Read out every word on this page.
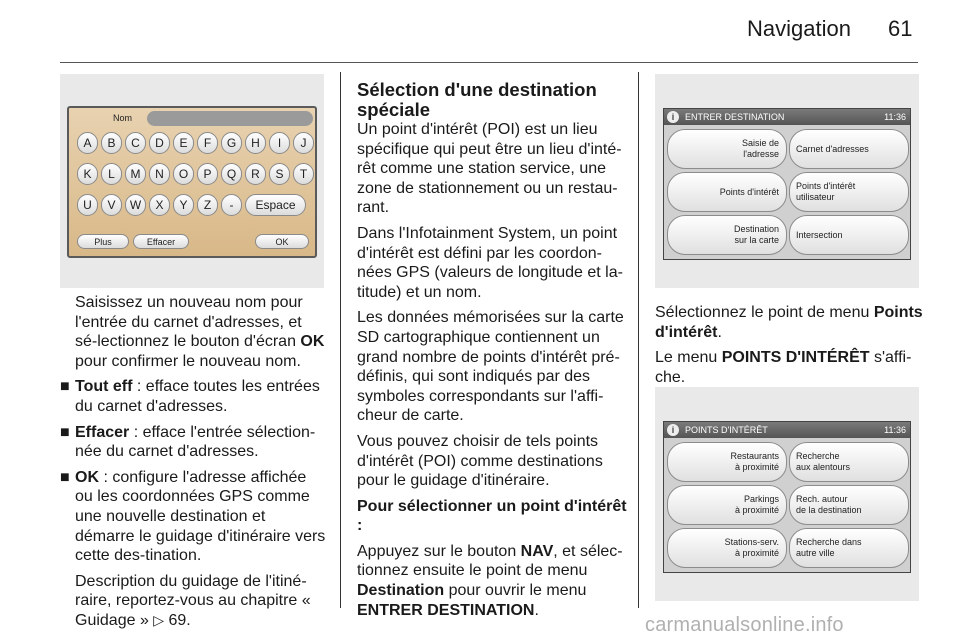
Navigation 61
Nom
A	B	C	D	E	F	G	H	I	J
K	L	M	N	O	P	Q	R	S	T
U	V	W	X	Y	Z	-	Espace
Plus	Effacer	OK
i	ENTRER DESTINATION	11:36
Saisie de
l'adresse
Carnet d'adresses
Points d'intérêt
Points d'intérêt
utilisateur
Destination
sur la carte
Intersection
i	POINTS D'INTÉRÊT	11:36
Restaurants
à proximité
Recherche
aux alentours
Parkings
à proximité
Rech. autour
de la destination
Stations-serv.
à proximité
Recherche dans
autre ville

Saisissez un nouveau nom pour l'entrée du carnet d'adresses, et sé-lectionnez le bouton d'écran OK pour confirmer le nouveau nom.

■ Tout eff : efface toutes les entrées du carnet d'adresses.

■ Effacer : efface l'entrée sélection-née du carnet d'adresses.

■ OK : configure l'adresse affichée ou les coordonnées GPS comme une nouvelle destination et démarre le guidage d'itinéraire vers cette des-tination.

Description du guidage de l'itiné-raire, reportez-vous au chapitre « Guidage » ▷ 69.

Sélection d'une destination spéciale

Un point d'intérêt (POI) est un lieu spécifique qui peut être un lieu d'inté-rêt comme une station service, une zone de stationnement ou un restau-rant.

Dans l'Infotainment System, un point d'intérêt est défini par les coordon-nées GPS (valeurs de longitude et la-titude) et un nom.

Les données mémorisées sur la carte SD cartographique contiennent un grand nombre de points d'intérêt pré-définis, qui sont indiqués par des symboles correspondants sur l'affi-cheur de carte.

Vous pouvez choisir de tels points d'intérêt (POI) comme destinations pour le guidage d'itinéraire.

Pour sélectionner un point d'intérêt :

Appuyez sur le bouton NAV, et sélec-tionnez ensuite le point de menu Destination pour ouvrir le menu ENTRER DESTINATION.

Sélectionnez le point de menu Points d'intérêt.

Le menu POINTS D'INTÉRÊT s'affi-che.

carmanualsonline.info
